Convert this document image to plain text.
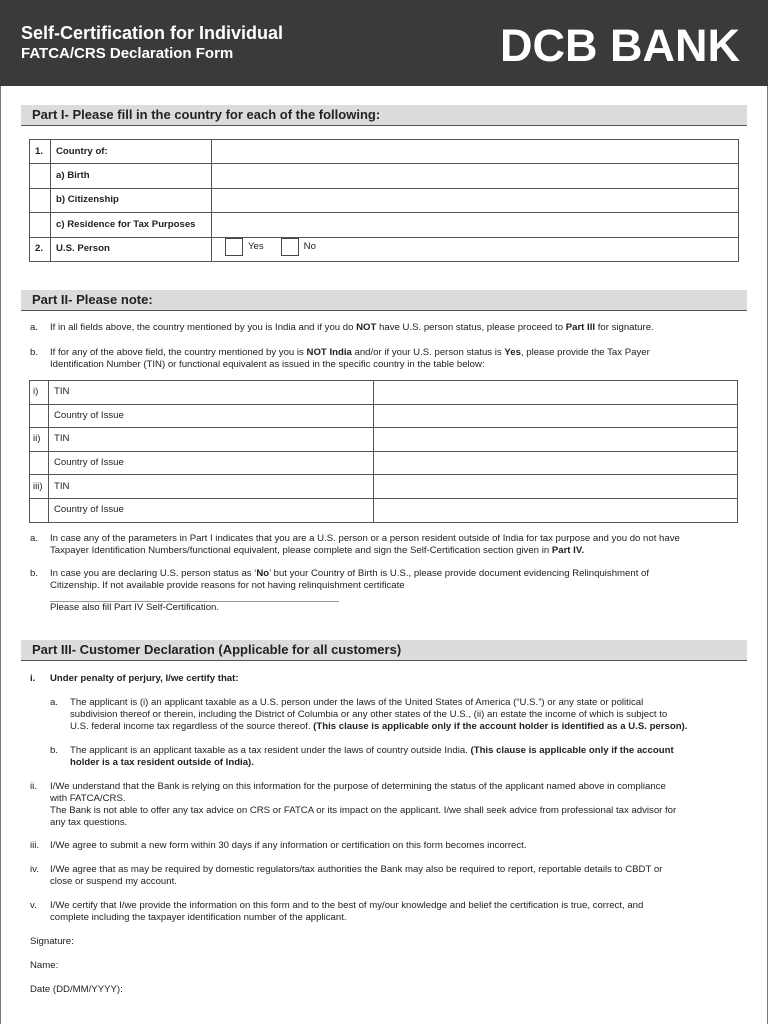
Self-Certification for Individual
FATCA/CRS Declaration Form	DCB BANK
Part I- Please fill in the country for each of the following:
1.	Country of:	
	a) Birth	
	b) Citizenship	
	c) Residence for Tax Purposes	
2.	U.S. Person	Yes No
Part II- Please note:
a. If in all fields above, the country mentioned by you is India and if you do NOT have U.S. person status, please proceed to Part III for signature.
b. If for any of the above field, the country mentioned by you is NOT India and/or if your U.S. person status is Yes, please provide the Tax Payer
Identification Number (TIN) or functional equivalent as issued in the specific country in the table below:
i)	TIN	
	Country of Issue	
ii)	TIN	
	Country of Issue	
iii)	TIN	
	Country of Issue	
a. In case any of the parameters in Part I indicates that you are a U.S. person or a person resident outside of India for tax purpose and you do not have
Taxpayer Identification Numbers/functional equivalent, please complete and sign the Self-Certification section given in Part IV.
b. In case you are declaring U.S. person status as ‘No’ but your Country of Birth is U.S., please provide document evidencing Relinquishment of
Citizenship. If not available provide reasons for not having relinquishment certificate
Please also fill Part IV Self-Certification.
Part III- Customer Declaration (Applicable for all customers)
i. Under penalty of perjury, I/we certify that:
a. The applicant is (i) an applicant taxable as a U.S. person under the laws of the United States of America (“U.S.”) or any state or political
subdivision thereof or therein, including the District of Columbia or any other states of the U.S., (ii) an estate the income of which is subject to
U.S. federal income tax regardless of the source thereof. (This clause is applicable only if the account holder is identified as a U.S. person).
b. The applicant is an applicant taxable as a tax resident under the laws of country outside India. (This clause is applicable only if the account
holder is a tax resident outside of India).
ii. I/We understand that the Bank is relying on this information for the purpose of determining the status of the applicant named above in compliance
with FATCA/CRS.
The Bank is not able to offer any tax advice on CRS or FATCA or its impact on the applicant. I/we shall seek advice from professional tax advisor for
any tax questions.
iii. I/We agree to submit a new form within 30 days if any information or certification on this form becomes incorrect.
iv. I/We agree that as may be required by domestic regulators/tax authorities the Bank may also be required to report, reportable details to CBDT or
close or suspend my account.
v. I/We certify that I/we provide the information on this form and to the best of my/our knowledge and belief the certification is true, correct, and
complete including the taxpayer identification number of the applicant.
Signature:
Name:
Date (DD/MM/YYYY):
